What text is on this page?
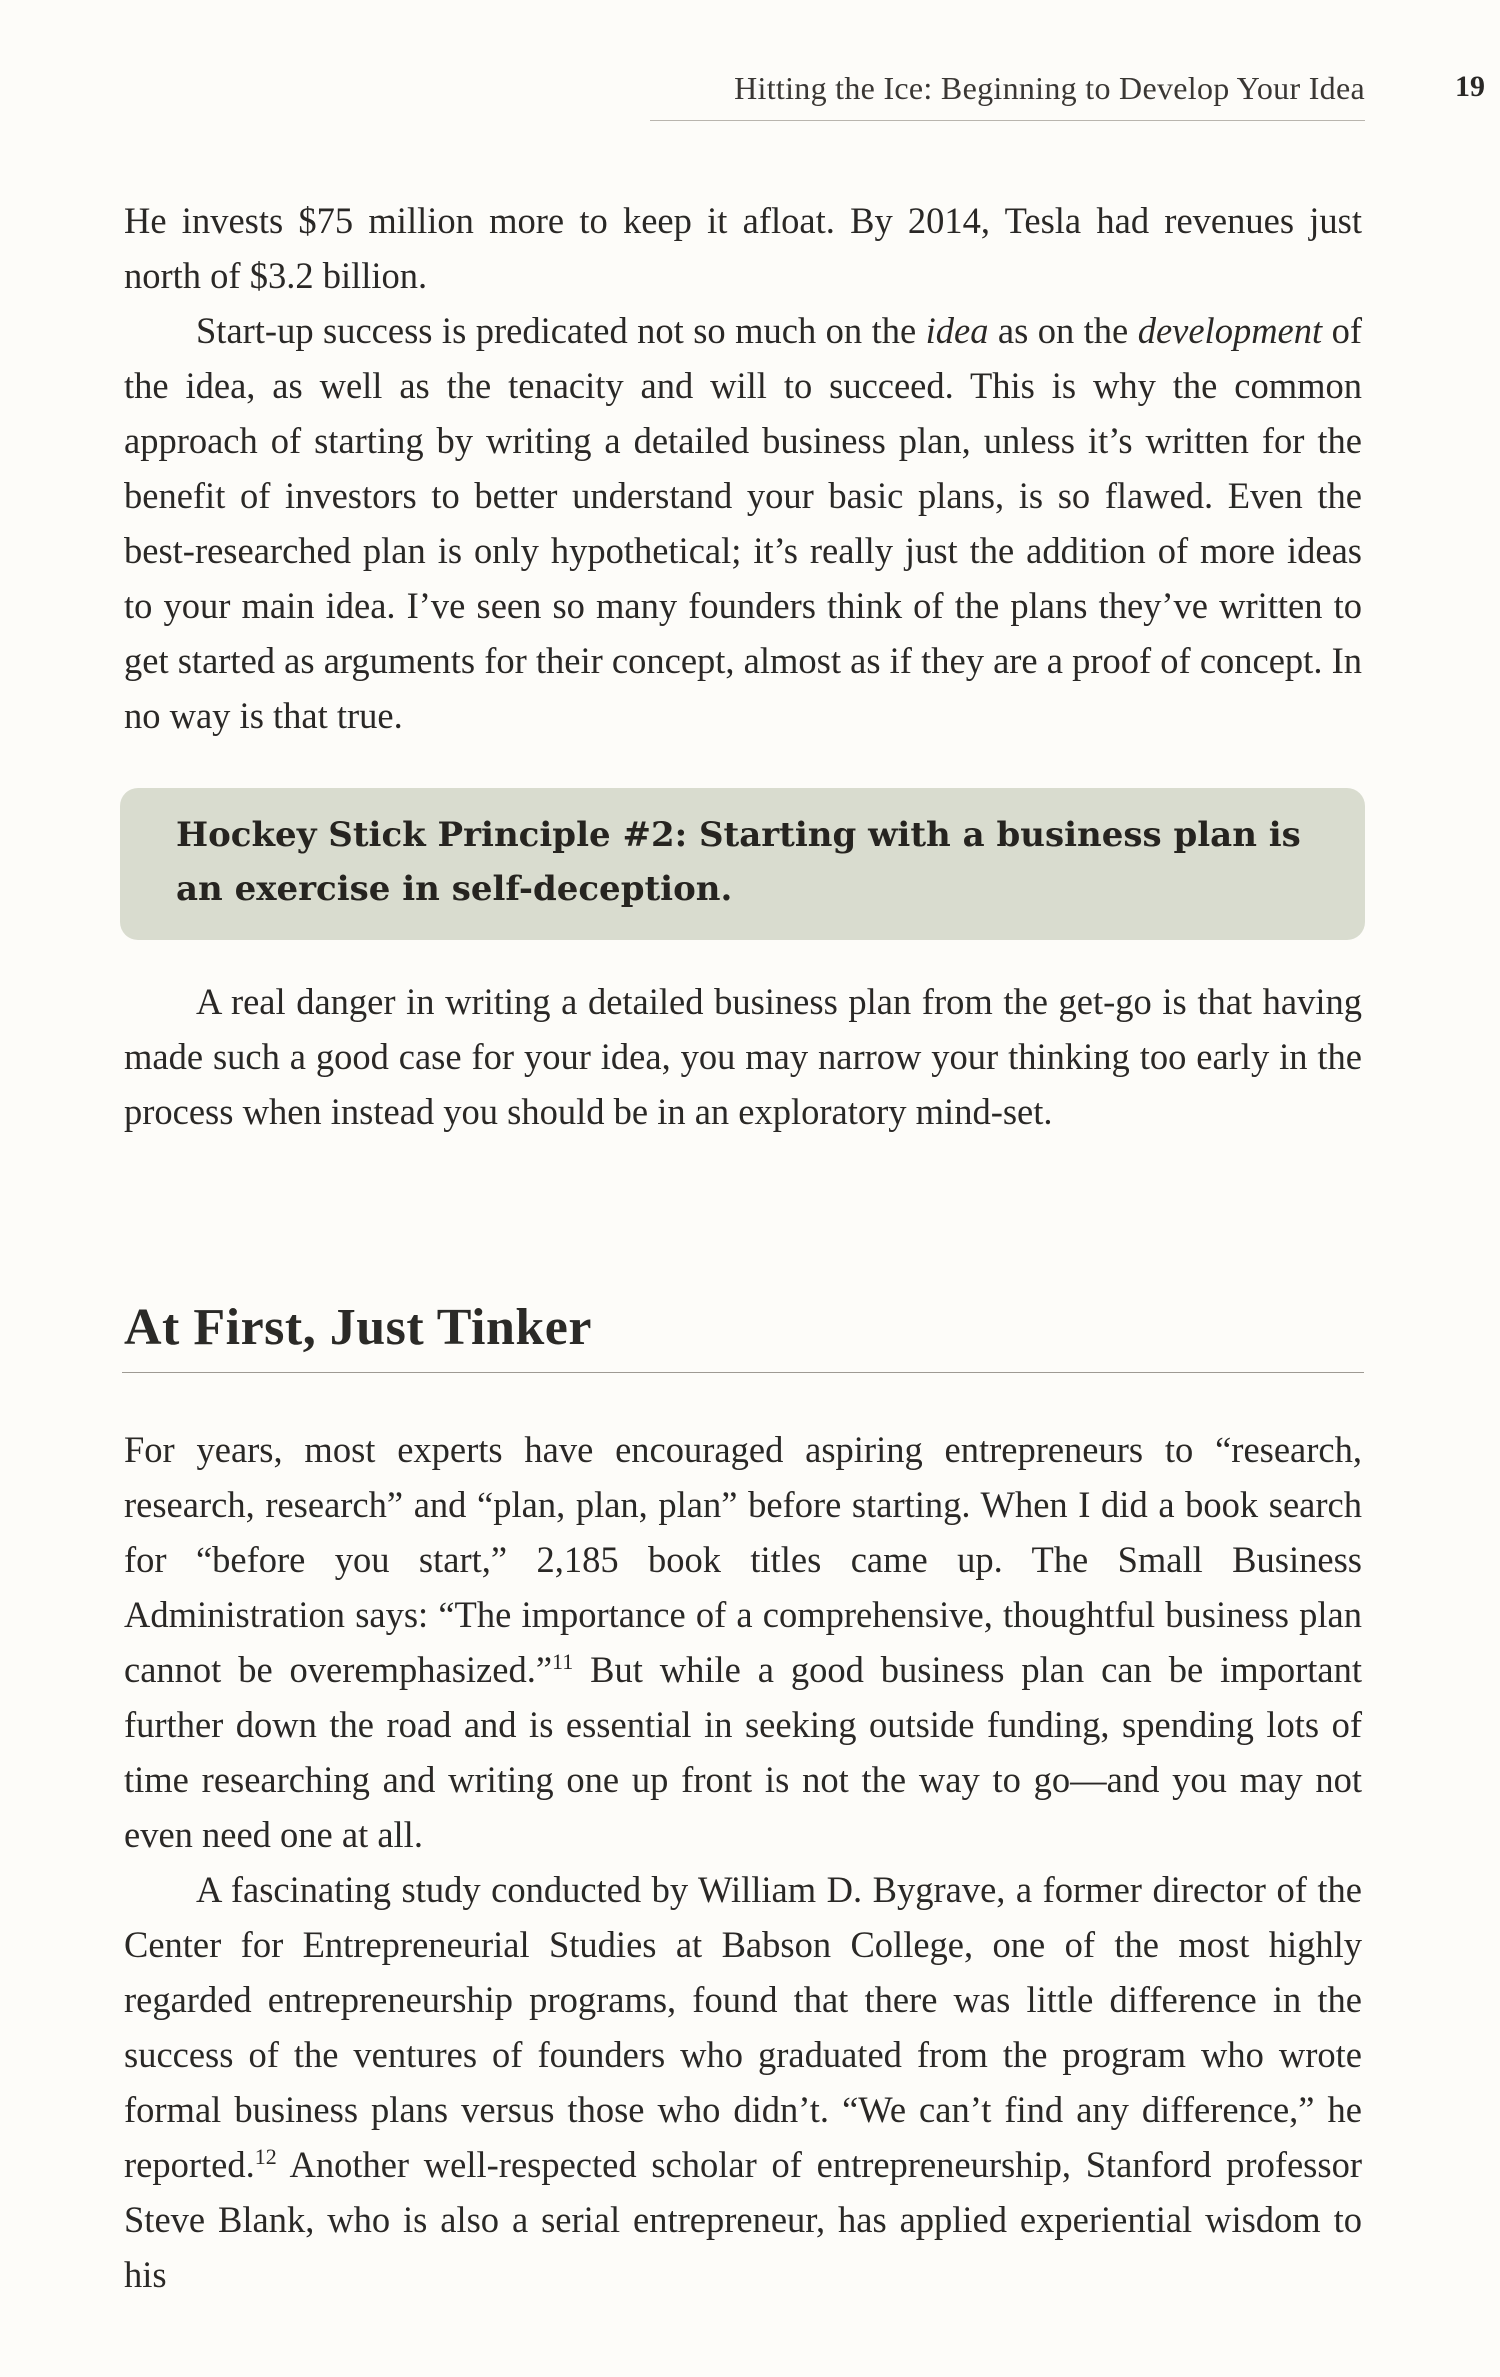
Hitting the Ice: Beginning to Develop Your Idea	19

He invests $75 million more to keep it afloat. By 2014, Tesla had revenues just north of $3.2 billion.

Start-up success is predicated not so much on the idea as on the development of the idea, as well as the tenacity and will to succeed. This is why the common approach of starting by writing a detailed business plan, unless it’s written for the benefit of investors to better understand your basic plans, is so flawed. Even the best-researched plan is only hypothetical; it’s really just the addition of more ideas to your main idea. I’ve seen so many founders think of the plans they’ve written to get started as arguments for their concept, almost as if they are a proof of concept. In no way is that true.

Hockey Stick Principle #2: Starting with a business plan is an exercise in self-deception.

A real danger in writing a detailed business plan from the get-go is that having made such a good case for your idea, you may narrow your thinking too early in the process when instead you should be in an exploratory mind-set.

At First, Just Tinker

For years, most experts have encouraged aspiring entrepreneurs to “research, research, research” and “plan, plan, plan” before starting. When I did a book search for “before you start,” 2,185 book titles came up. The Small Business Administration says: “The importance of a comprehensive, thoughtful business plan cannot be overemphasized.”$^{11}$ But while a good business plan can be important further down the road and is essential in seeking outside funding, spending lots of time researching and writing one up front is not the way to go—and you may not even need one at all.

A fascinating study conducted by William D. Bygrave, a former director of the Center for Entrepreneurial Studies at Babson College, one of the most highly regarded entrepreneurship programs, found that there was little difference in the success of the ventures of founders who graduated from the program who wrote formal business plans versus those who didn’t. “We can’t find any difference,” he reported.$^{12}$ Another well-respected scholar of entrepreneurship, Stanford professor Steve Blank, who is also a serial entrepreneur, has applied experiential wisdom to his
